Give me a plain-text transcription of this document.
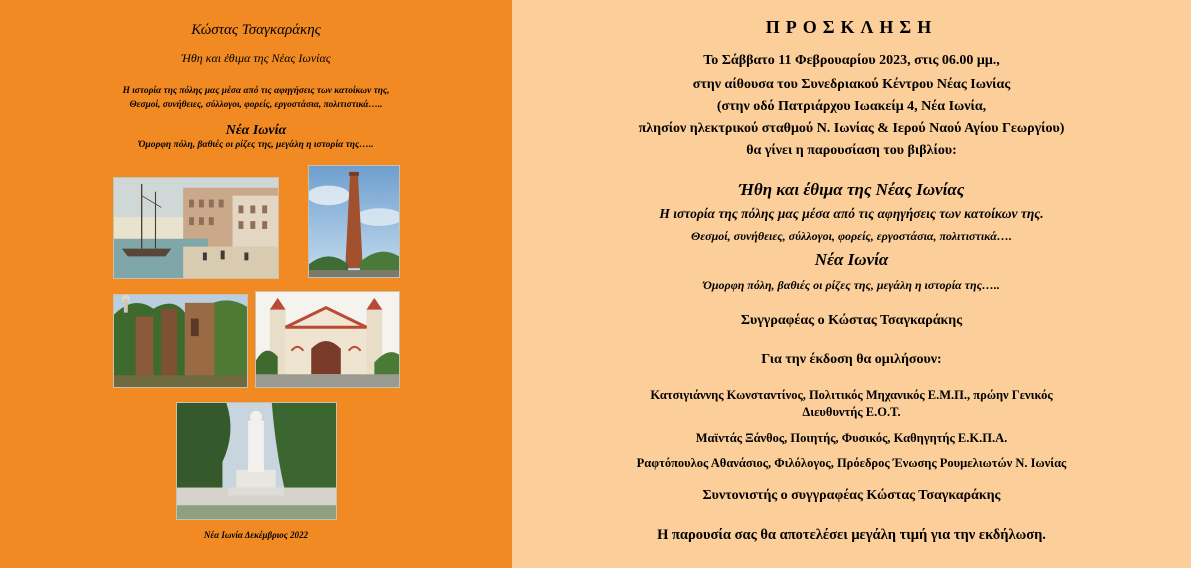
Κώστας Τσαγκαράκης
Ήθη και έθιμα της Νέας Ιωνίας
Η ιστορία της πόλης μας μέσα από τις αφηγήσεις των κατοίκων της,
Θεσμοί, συνήθειες, σύλλογοι, φορείς, εργοστάσια, πολιτιστικά…..
Νέα Ιωνία
Όμορφη πόλη, βαθιές οι ρίζες της, μεγάλη η ιστορία της…..
Νέα Ιωνία Δεκέμβριος 2022
ΠΡΟΣΚΛΗΣΗ
Το Σάββατο 11 Φεβρουαρίου 2023, στις 06.00 μμ.,
στην αίθουσα του Συνεδριακού Κέντρου Νέας Ιωνίας
(στην οδό Πατριάρχου Ιωακείμ 4, Νέα Ιωνία,
πλησίον ηλεκτρικού σταθμού Ν. Ιωνίας & Ιερού Ναού Αγίου Γεωργίου)
θα γίνει η παρουσίαση του βιβλίου:
Ήθη και έθιμα της Νέας Ιωνίας
Η ιστορία της πόλης μας μέσα από τις αφηγήσεις των κατοίκων της.
Θεσμοί, συνήθειες, σύλλογοι, φορείς, εργοστάσια, πολιτιστικά….
Νέα Ιωνία
Όμορφη πόλη, βαθιές οι ρίζες της, μεγάλη η ιστορία της…..
Συγγραφέας ο Κώστας Τσαγκαράκης
Για την έκδοση θα ομιλήσουν:
Κατσιγιάννης Κωνσταντίνος, Πολιτικός Μηχανικός Ε.Μ.Π., πρώην Γενικός
Διευθυντής Ε.Ο.Τ.
Μαϊντάς Ξάνθος, Ποιητής, Φυσικός, Καθηγητής Ε.Κ.Π.Α.
Ραφτόπουλος Αθανάσιος, Φιλόλογος, Πρόεδρος Ένωσης Ρουμελιωτών Ν. Ιωνίας
Συντονιστής ο συγγραφέας Κώστας Τσαγκαράκης
Η παρουσία σας θα αποτελέσει μεγάλη τιμή για την εκδήλωση.
